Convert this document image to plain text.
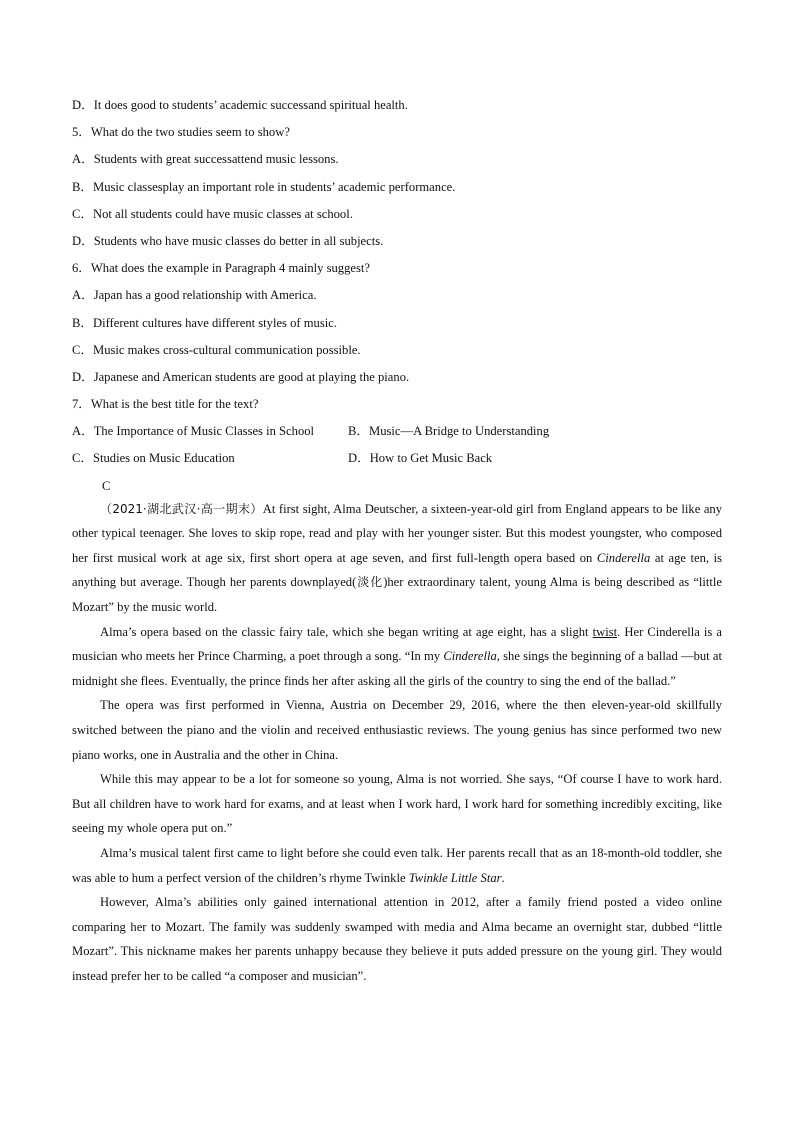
D．It does good to students’ academic successand spiritual health.
5．What do the two studies seem to show?
A．Students with great successattend music lessons.
B．Music classesplay an important role in students’ academic performance.
C．Not all students could have music classes at school.
D．Students who have music classes do better in all subjects.
6．What does the example in Paragraph 4 mainly suggest?
A．Japan has a good relationship with America.
B．Different cultures have different styles of music.
C．Music makes cross-cultural communication possible.
D．Japanese and American students are good at playing the piano.
7．What is the best title for the text?
A．The Importance of Music Classes in School	B．Music—A Bridge to Understanding
C．Studies on Music Education	D．How to Get Music Back
C

（2021·湖北武汉·高一期末）At first sight, Alma Deutscher, a sixteen-year-old girl from England appears to be like any other typical teenager. She loves to skip rope, read and play with her younger sister. But this modest youngster, who composed her first musical work at age six, first short opera at age seven, and first full-length opera based on Cinderella at age ten, is anything but average. Though her parents downplayed(淡化)her extraordinary talent, young Alma is being described as “little Mozart” by the music world.

Alma’s opera based on the classic fairy tale, which she began writing at age eight, has a slight twist. Her Cinderella is a musician who meets her Prince Charming, a poet through a song. “In my Cinderella, she sings the beginning of a ballad —but at midnight she flees. Eventually, the prince finds her after asking all the girls of the country to sing the end of the ballad.”

The opera was first performed in Vienna, Austria on December 29, 2016, where the then eleven-year-old skillfully switched between the piano and the violin and received enthusiastic reviews. The young genius has since performed two new piano works, one in Australia and the other in China.

While this may appear to be a lot for someone so young, Alma is not worried. She says, “Of course I have to work hard. But all children have to work hard for exams, and at least when I work hard, I work hard for something incredibly exciting, like seeing my whole opera put on.”

Alma’s musical talent first came to light before she could even talk. Her parents recall that as an 18-month-old toddler, she was able to hum a perfect version of the children’s rhyme Twinkle Twinkle Little Star.

However, Alma’s abilities only gained international attention in 2012, after a family friend posted a video online comparing her to Mozart. The family was suddenly swamped with media and Alma became an overnight star, dubbed “little Mozart”. This nickname makes her parents unhappy because they believe it puts added pressure on the young girl. They would instead prefer her to be called “a composer and musician”.
